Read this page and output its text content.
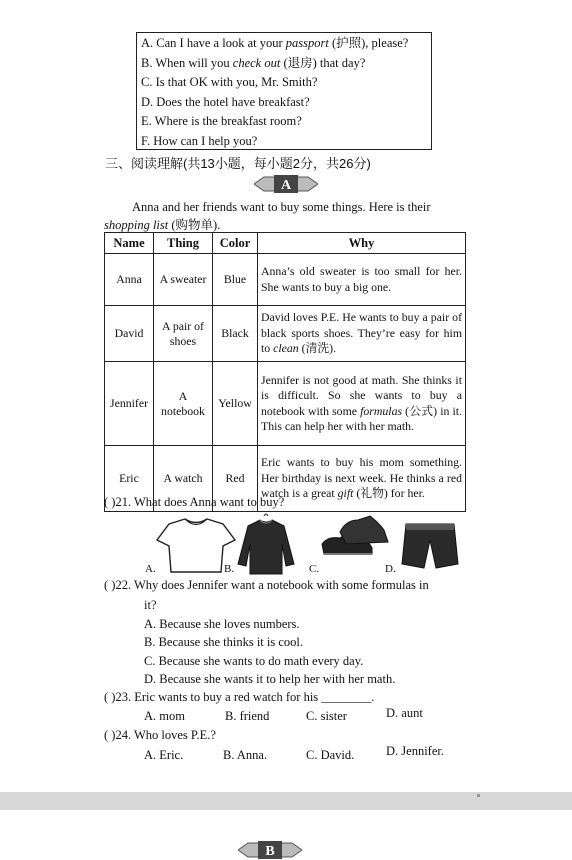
A. Can I have a look at your passport (护照), please?
B. When will you check out (退房) that day?
C. Is that OK with you, Mr. Smith?
D. Does the hotel have breakfast?
E. Where is the breakfast room?
F. How can I help you?
三、阅读理解(共13小题，每小题2分，共26分)
A
Anna and her friends want to buy some things. Here is their
shopping list (购物单).
Name	Thing	Color	Why
Anna	A sweater	Blue	Anna’s old sweater is too small for her. She wants to buy a big one.
David	A pair of shoes	Black	David loves P.E. He wants to buy a pair of black sports shoes. They’re easy for him to clean (清洗).
Jennifer	A notebook	Yellow	Jennifer is not good at math. She thinks it is difficult. So she wants to buy a notebook with some formulas (公式) in it. This can help her with her math.
Eric	A watch	Red	Eric wants to buy his mom something. Her birthday is next week. He thinks a red watch is a great gift (礼物) for her.
( )21. What does Anna want to buy?
A.	B.	C.	D.
( )22. Why does Jennifer want a notebook with some formulas in
it?
A. Because she loves numbers.
B. Because she thinks it is cool.
C. Because she wants to do math every day.
D. Because she wants it to help her with her math.
( )23. Eric wants to buy a red watch for his ________.
A. mom	B. friend	C. sister	D. aunt
( )24. Who loves P.E.?
A. Eric.	B. Anna.	C. David.	D. Jennifer.
B
